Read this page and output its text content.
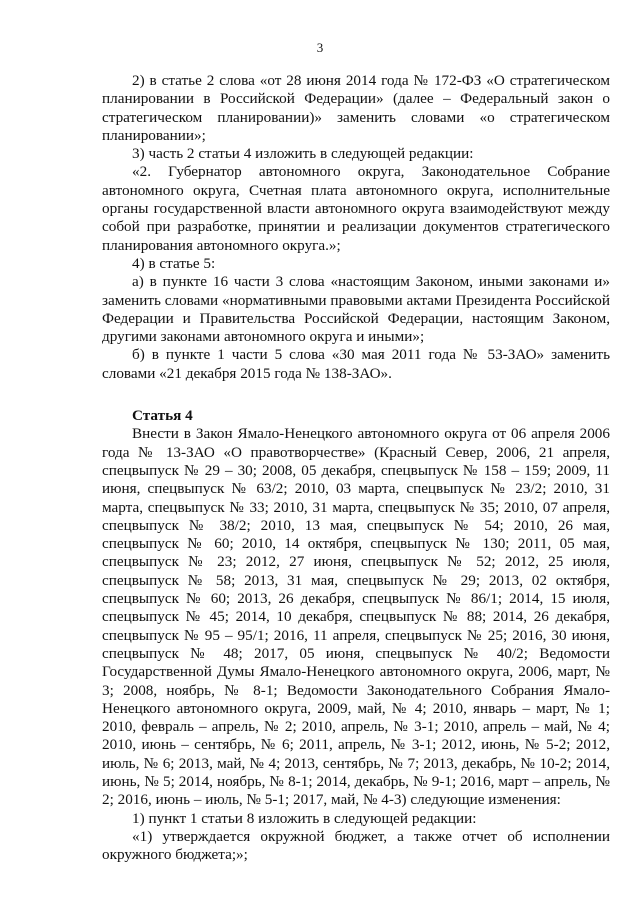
3

2) в статье 2 слова «от 28 июня 2014 года № 172-ФЗ «О стратегическом планировании в Российской Федерации» (далее – Федеральный закон о стратегическом планировании)» заменить словами «о стратегическом планировании»;

3) часть 2 статьи 4 изложить в следующей редакции:

«2. Губернатор автономного округа, Законодательное Собрание автономного округа, Счетная плата автономного округа, исполнительные органы государственной власти автономного округа взаимодействуют между собой при разработке, принятии и реализации документов стратегического планирования автономного округа.»;

4) в статье 5:

а) в пункте 16 части 3 слова «настоящим Законом, иными законами и» заменить словами «нормативными правовыми актами Президента Российской Федерации и Правительства Российской Федерации, настоящим Законом, другими законами автономного округа и иными»;

б) в пункте 1 части 5 слова «30 мая 2011 года № 53-ЗАО» заменить словами «21 декабря 2015 года № 138-ЗАО».

Статья 4

Внести в Закон Ямало-Ненецкого автономного округа от 06 апреля 2006 года № 13-ЗАО «О правотворчестве» (Красный Север, 2006, 21 апреля, спецвыпуск № 29 – 30; 2008, 05 декабря, спецвыпуск № 158 – 159; 2009, 11 июня, спецвыпуск № 63/2; 2010, 03 марта, спецвыпуск № 23/2; 2010, 31 марта, спецвыпуск № 33; 2010, 31 марта, спецвыпуск № 35; 2010, 07 апреля, спецвыпуск № 38/2; 2010, 13 мая, спецвыпуск № 54; 2010, 26 мая, спецвыпуск № 60; 2010, 14 октября, спецвыпуск № 130; 2011, 05 мая, спецвыпуск № 23; 2012, 27 июня, спецвыпуск № 52; 2012, 25 июля, спецвыпуск № 58; 2013, 31 мая, спецвыпуск № 29; 2013, 02 октября, спецвыпуск № 60; 2013, 26 декабря, спецвыпуск № 86/1; 2014, 15 июля, спецвыпуск № 45; 2014, 10 декабря, спецвыпуск № 88; 2014, 26 декабря, спецвыпуск № 95 – 95/1; 2016, 11 апреля, спецвыпуск № 25; 2016, 30 июня, спецвыпуск № 48; 2017, 05 июня, спецвыпуск № 40/2; Ведомости Государственной Думы Ямало-Ненецкого автономного округа, 2006, март, № 3; 2008, ноябрь, № 8-1; Ведомости Законодательного Собрания Ямало-Ненецкого автономного округа, 2009, май, № 4; 2010, январь – март, № 1; 2010, февраль – апрель, № 2; 2010, апрель, № 3-1; 2010, апрель – май, № 4; 2010, июнь – сентябрь, № 6; 2011, апрель, № 3-1; 2012, июнь, № 5-2; 2012, июль, № 6; 2013, май, № 4; 2013, сентябрь, № 7; 2013, декабрь, № 10-2; 2014, июнь, № 5; 2014, ноябрь, № 8-1; 2014, декабрь, № 9-1; 2016, март – апрель, № 2; 2016, июнь – июль, № 5-1; 2017, май, № 4-3) следующие изменения:

1) пункт 1 статьи 8 изложить в следующей редакции:

«1) утверждается окружной бюджет, а также отчет об исполнении окружного бюджета;»;
